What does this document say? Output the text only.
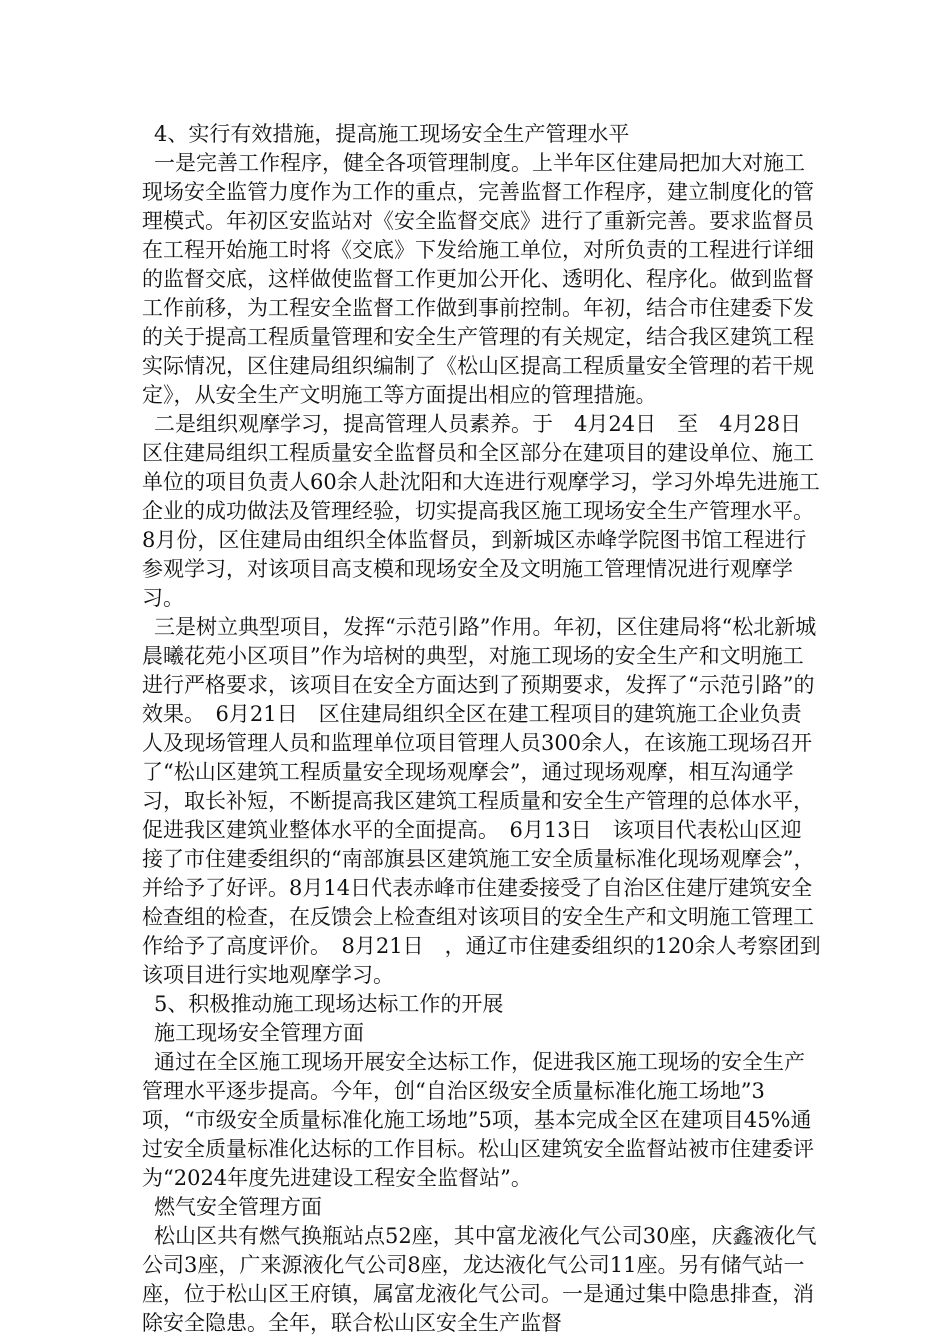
4、实行有效措施，提高施工现场安全生产管理水平

一是完善工作程序，健全各项管理制度。上半年区住建局把加大对施工现场安全监管力度作为工作的重点，完善监督工作程序，建立制度化的管理模式。年初区安监站对《安全监督交底》进行了重新完善。要求监督员在工程开始施工时将《交底》下发给施工单位，对所负责的工程进行详细的监督交底，这样做使监督工作更加公开化、透明化、程序化。做到监督工作前移，为工程安全监督工作做到事前控制。年初，结合市住建委下发的关于提高工程质量管理和安全生产管理的有关规定，结合我区建筑工程实际情况，区住建局组织编制了《松山区提高工程质量安全管理的若干规定》，从安全生产文明施工等方面提出相应的管理措施。

二是组织观摩学习，提高管理人员素养。于　4月24日　至　4月28日　区住建局组织工程质量安全监督员和全区部分在建项目的建设单位、施工单位的项目负责人60余人赴沈阳和大连进行观摩学习，学习外埠先进施工企业的成功做法及管理经验，切实提高我区施工现场安全生产管理水平。8月份，区住建局由组织全体监督员，到新城区赤峰学院图书馆工程进行参观学习，对该项目高支模和现场安全及文明施工管理情况进行观摩学习。

三是树立典型项目，发挥“示范引路”作用。年初，区住建局将“松北新城晨曦花苑小区项目”作为培树的典型，对施工现场的安全生产和文明施工进行严格要求，该项目在安全方面达到了预期要求，发挥了“示范引路”的效果。　6月21日　区住建局组织全区在建工程项目的建筑施工企业负责人及现场管理人员和监理单位项目管理人员300余人，在该施工现场召开了“松山区建筑工程质量安全现场观摩会”，通过现场观摩，相互沟通学习，取长补短，不断提高我区建筑工程质量和安全生产管理的总体水平，促进我区建筑业整体水平的全面提高。　6月13日　该项目代表松山区迎接了市住建委组织的“南部旗县区建筑施工安全质量标准化现场观摩会”，并给予了好评。8月14日代表赤峰市住建委接受了自治区住建厅建筑安全检查组的检查，在反馈会上检查组对该项目的安全生产和文明施工管理工作给予了高度评价。　8月21日　，通辽市住建委组织的120余人考察团到该项目进行实地观摩学习。

5、积极推动施工现场达标工作的开展

施工现场安全管理方面

通过在全区施工现场开展安全达标工作，促进我区施工现场的安全生产管理水平逐步提高。今年，创“自治区级安全质量标准化施工场地”3项，“市级安全质量标准化施工场地”5项，基本完成全区在建项目45%通过安全质量标准化达标的工作目标。松山区建筑安全监督站被市住建委评为“2024年度先进建设工程安全监督站”。

燃气安全管理方面

松山区共有燃气换瓶站点52座，其中富龙液化气公司30座，庆鑫液化气公司3座，广来源液化气公司8座，龙达液化气公司11座。另有储气站一座，位于松山区王府镇，属富龙液化气公司。一是通过集中隐患排查，消除安全隐患。全年，联合松山区安全生产监督
